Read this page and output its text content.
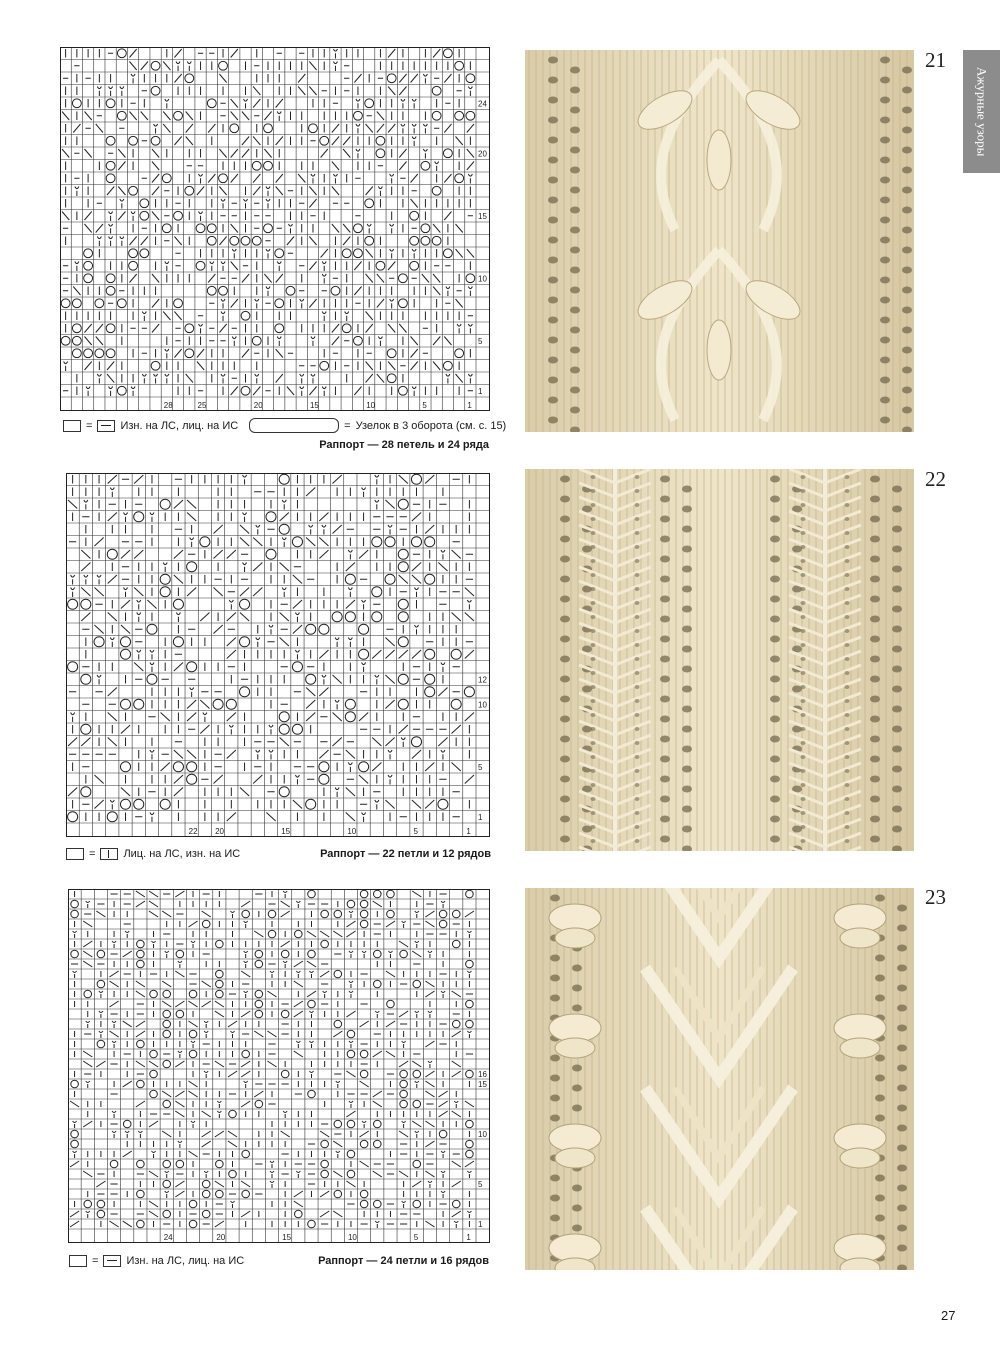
Ажурные узоры
1
5
10
15
20
24
28	25	20	15	10	5	1
=	Изн. на ЛС, лиц. на ИС	= Узелок в 3 оборота (см. с. 15)
Раппорт — 28 петель и 24 ряда
21
1
5
10
12
22 20	15	10	5	1
=	Лиц. на ЛС, изн. на ИС	Раппорт — 22 петли и 12 рядов
22
1
5
10
15
16
24	20	15	10	5	1
=	Изн. на ЛС, лиц. на ИС	Раппорт — 24 петли и 16 рядов
23
27
